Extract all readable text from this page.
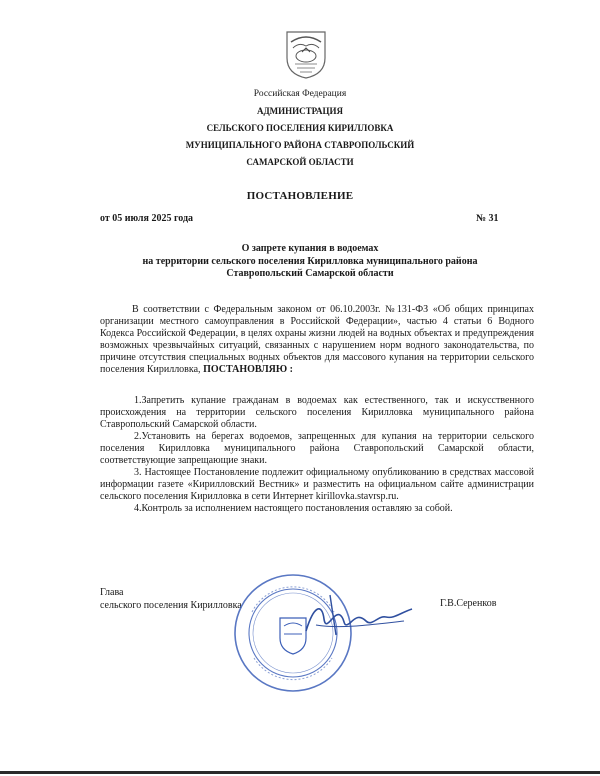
Российская Федерация
АДМИНИСТРАЦИЯ
СЕЛЬСКОГО ПОСЕЛЕНИЯ КИРИЛЛОВКА
МУНИЦИПАЛЬНОГО РАЙОНА СТАВРОПОЛЬСКИЙ
САМАРСКОЙ ОБЛАСТИ
ПОСТАНОВЛЕНИЕ
от 05 июля 2025 года	№ 31
О запрете купания в водоемах
на территории сельского поселения Кирилловка муниципального района
Ставропольский Самарской области
В соответствии с Федеральным законом от 06.10.2003г. №131-ФЗ «Об общих принципах организации местного самоуправления в Российской Федерации», частью 4 статьи 6 Водного Кодекса Российской Федерации, в целях охраны жизни людей на водных объектах и предупреждения возможных чрезвычайных ситуаций, связанных с нарушением норм водного законодательства, по причине отсутствия специальных водных объектов для массового купания на территории сельского поселения Кирилловка, ПОСТАНОВЛЯЮ :

1.Запретить купание гражданам в водоемах как естественного, так и искусственного происхождения на территории сельского поселения Кирилловка муниципального района Ставропольский Самарской области.

2.Установить на берегах водоемов, запрещенных для купания на территории сельского поселения Кирилловка муниципального района Ставропольский Самарской области, соответствующие запрещающие знаки.

3. Настоящее Постановление подлежит официальному опубликованию в средствах массовой информации газете «Кирилловский Вестник» и разместить на официальном сайте администрации сельского поселения Кирилловка в сети Интернет kirillovka.stavrsp.ru.

4.Контроль за исполнением настоящего постановления оставляю за собой.

Глава
сельского поселения Кирилловка	Г.В.Серенков
